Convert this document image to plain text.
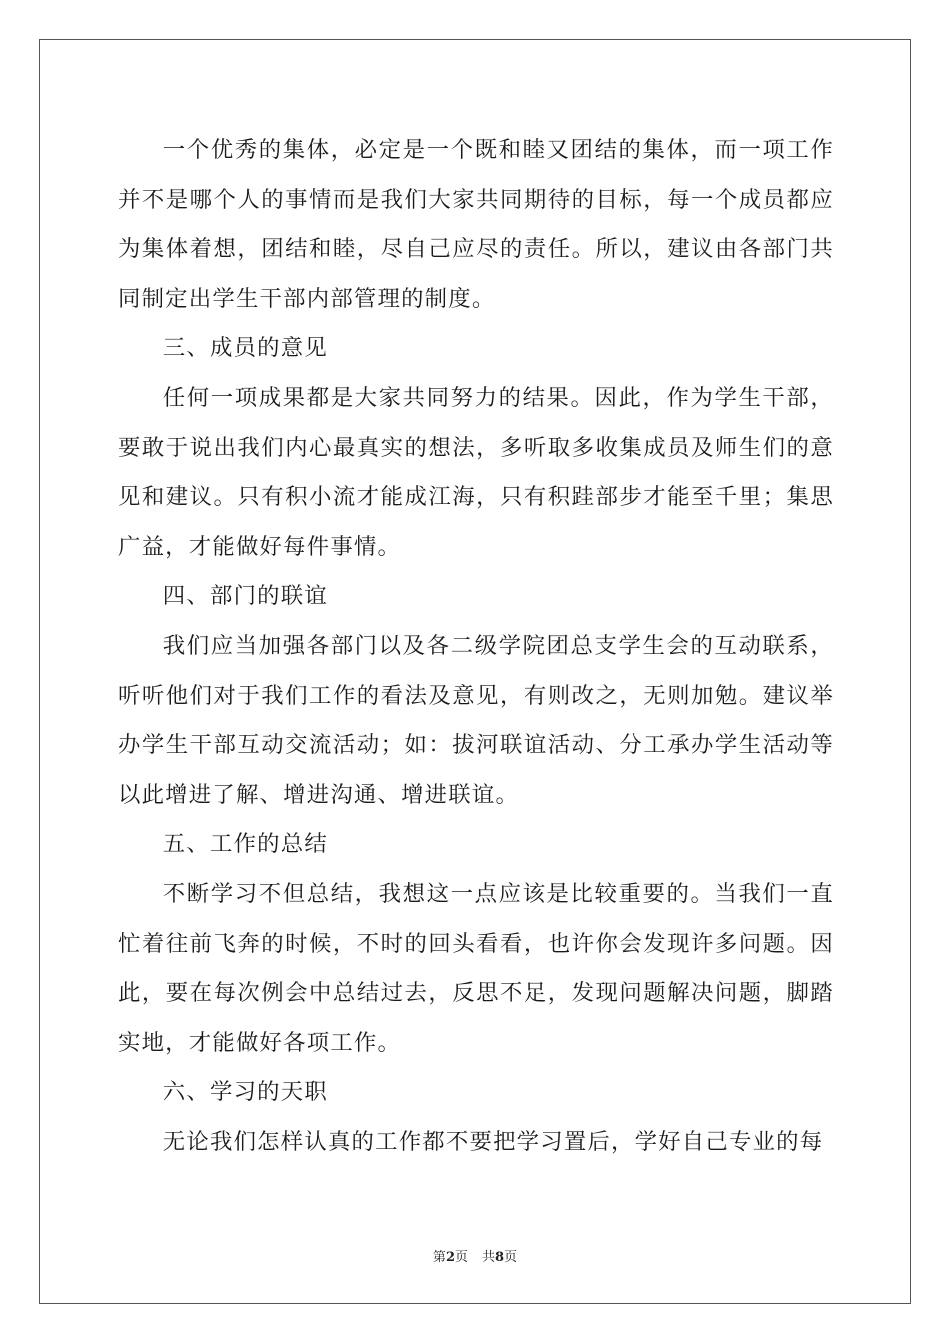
一个优秀的集体，必定是一个既和睦又团结的集体，而一项工作并不是哪个人的事情而是我们大家共同期待的目标，每一个成员都应为集体着想，团结和睦，尽自己应尽的责任。所以，建议由各部门共同制定出学生干部内部管理的制度。

三、成员的意见

任何一项成果都是大家共同努力的结果。因此，作为学生干部，要敢于说出我们内心最真实的想法，多听取多收集成员及师生们的意见和建议。只有积小流才能成江海，只有积跬部步才能至千里；集思广益，才能做好每件事情。

四、部门的联谊

我们应当加强各部门以及各二级学院团总支学生会的互动联系，听听他们对于我们工作的看法及意见，有则改之，无则加勉。建议举办学生干部互动交流活动；如：拔河联谊活动、分工承办学生活动等以此增进了解、增进沟通、增进联谊。

五、工作的总结

不断学习不但总结，我想这一点应该是比较重要的。当我们一直忙着往前飞奔的时候，不时的回头看看，也许你会发现许多问题。因此，要在每次例会中总结过去，反思不足，发现问题解决问题，脚踏实地，才能做好各项工作。

六、学习的天职

无论我们怎样认真的工作都不要把学习置后，学好自己专业的每

第2页 共8页
